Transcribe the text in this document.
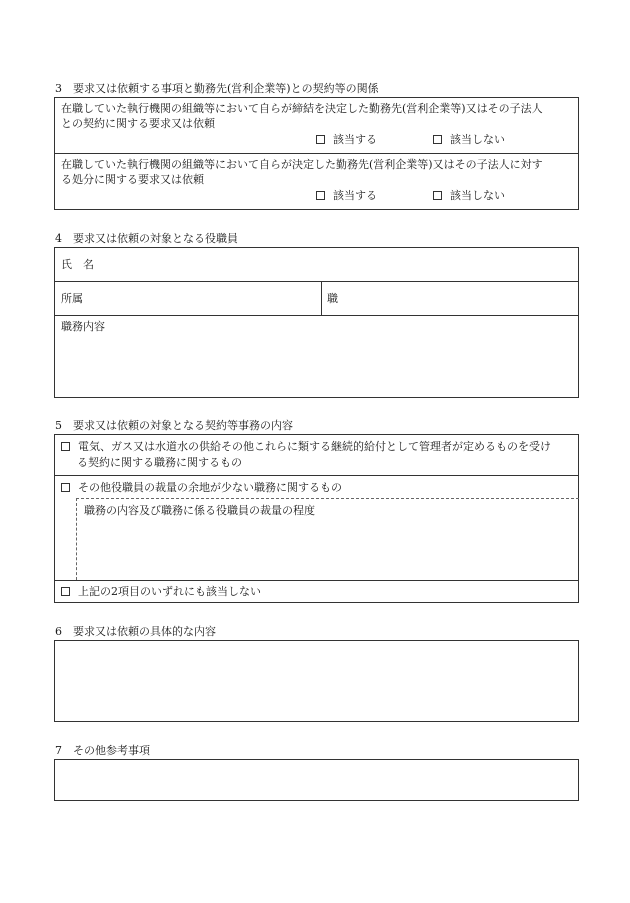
3　要求又は依頼する事項と勤務先(営利企業等)との契約等の関係
在職していた執行機関の組織等において自らが締結を決定した勤務先(営利企業等)又はその子法人
との契約に関する要求又は依頼
該当する	該当しない
在職していた執行機関の組織等において自らが決定した勤務先(営利企業等)又はその子法人に対す
る処分に関する要求又は依頼
該当する	該当しない
4　要求又は依頼の対象となる役職員
氏　名
所属	職
職務内容
5　要求又は依頼の対象となる契約等事務の内容
電気、ガス又は水道水の供給その他これらに類する継続的給付として管理者が定めるものを受け
る契約に関する職務に関するもの
その他役職員の裁量の余地が少ない職務に関するもの
職務の内容及び職務に係る役職員の裁量の程度
上記の2項目のいずれにも該当しない
6　要求又は依頼の具体的な内容
7　その他参考事項
